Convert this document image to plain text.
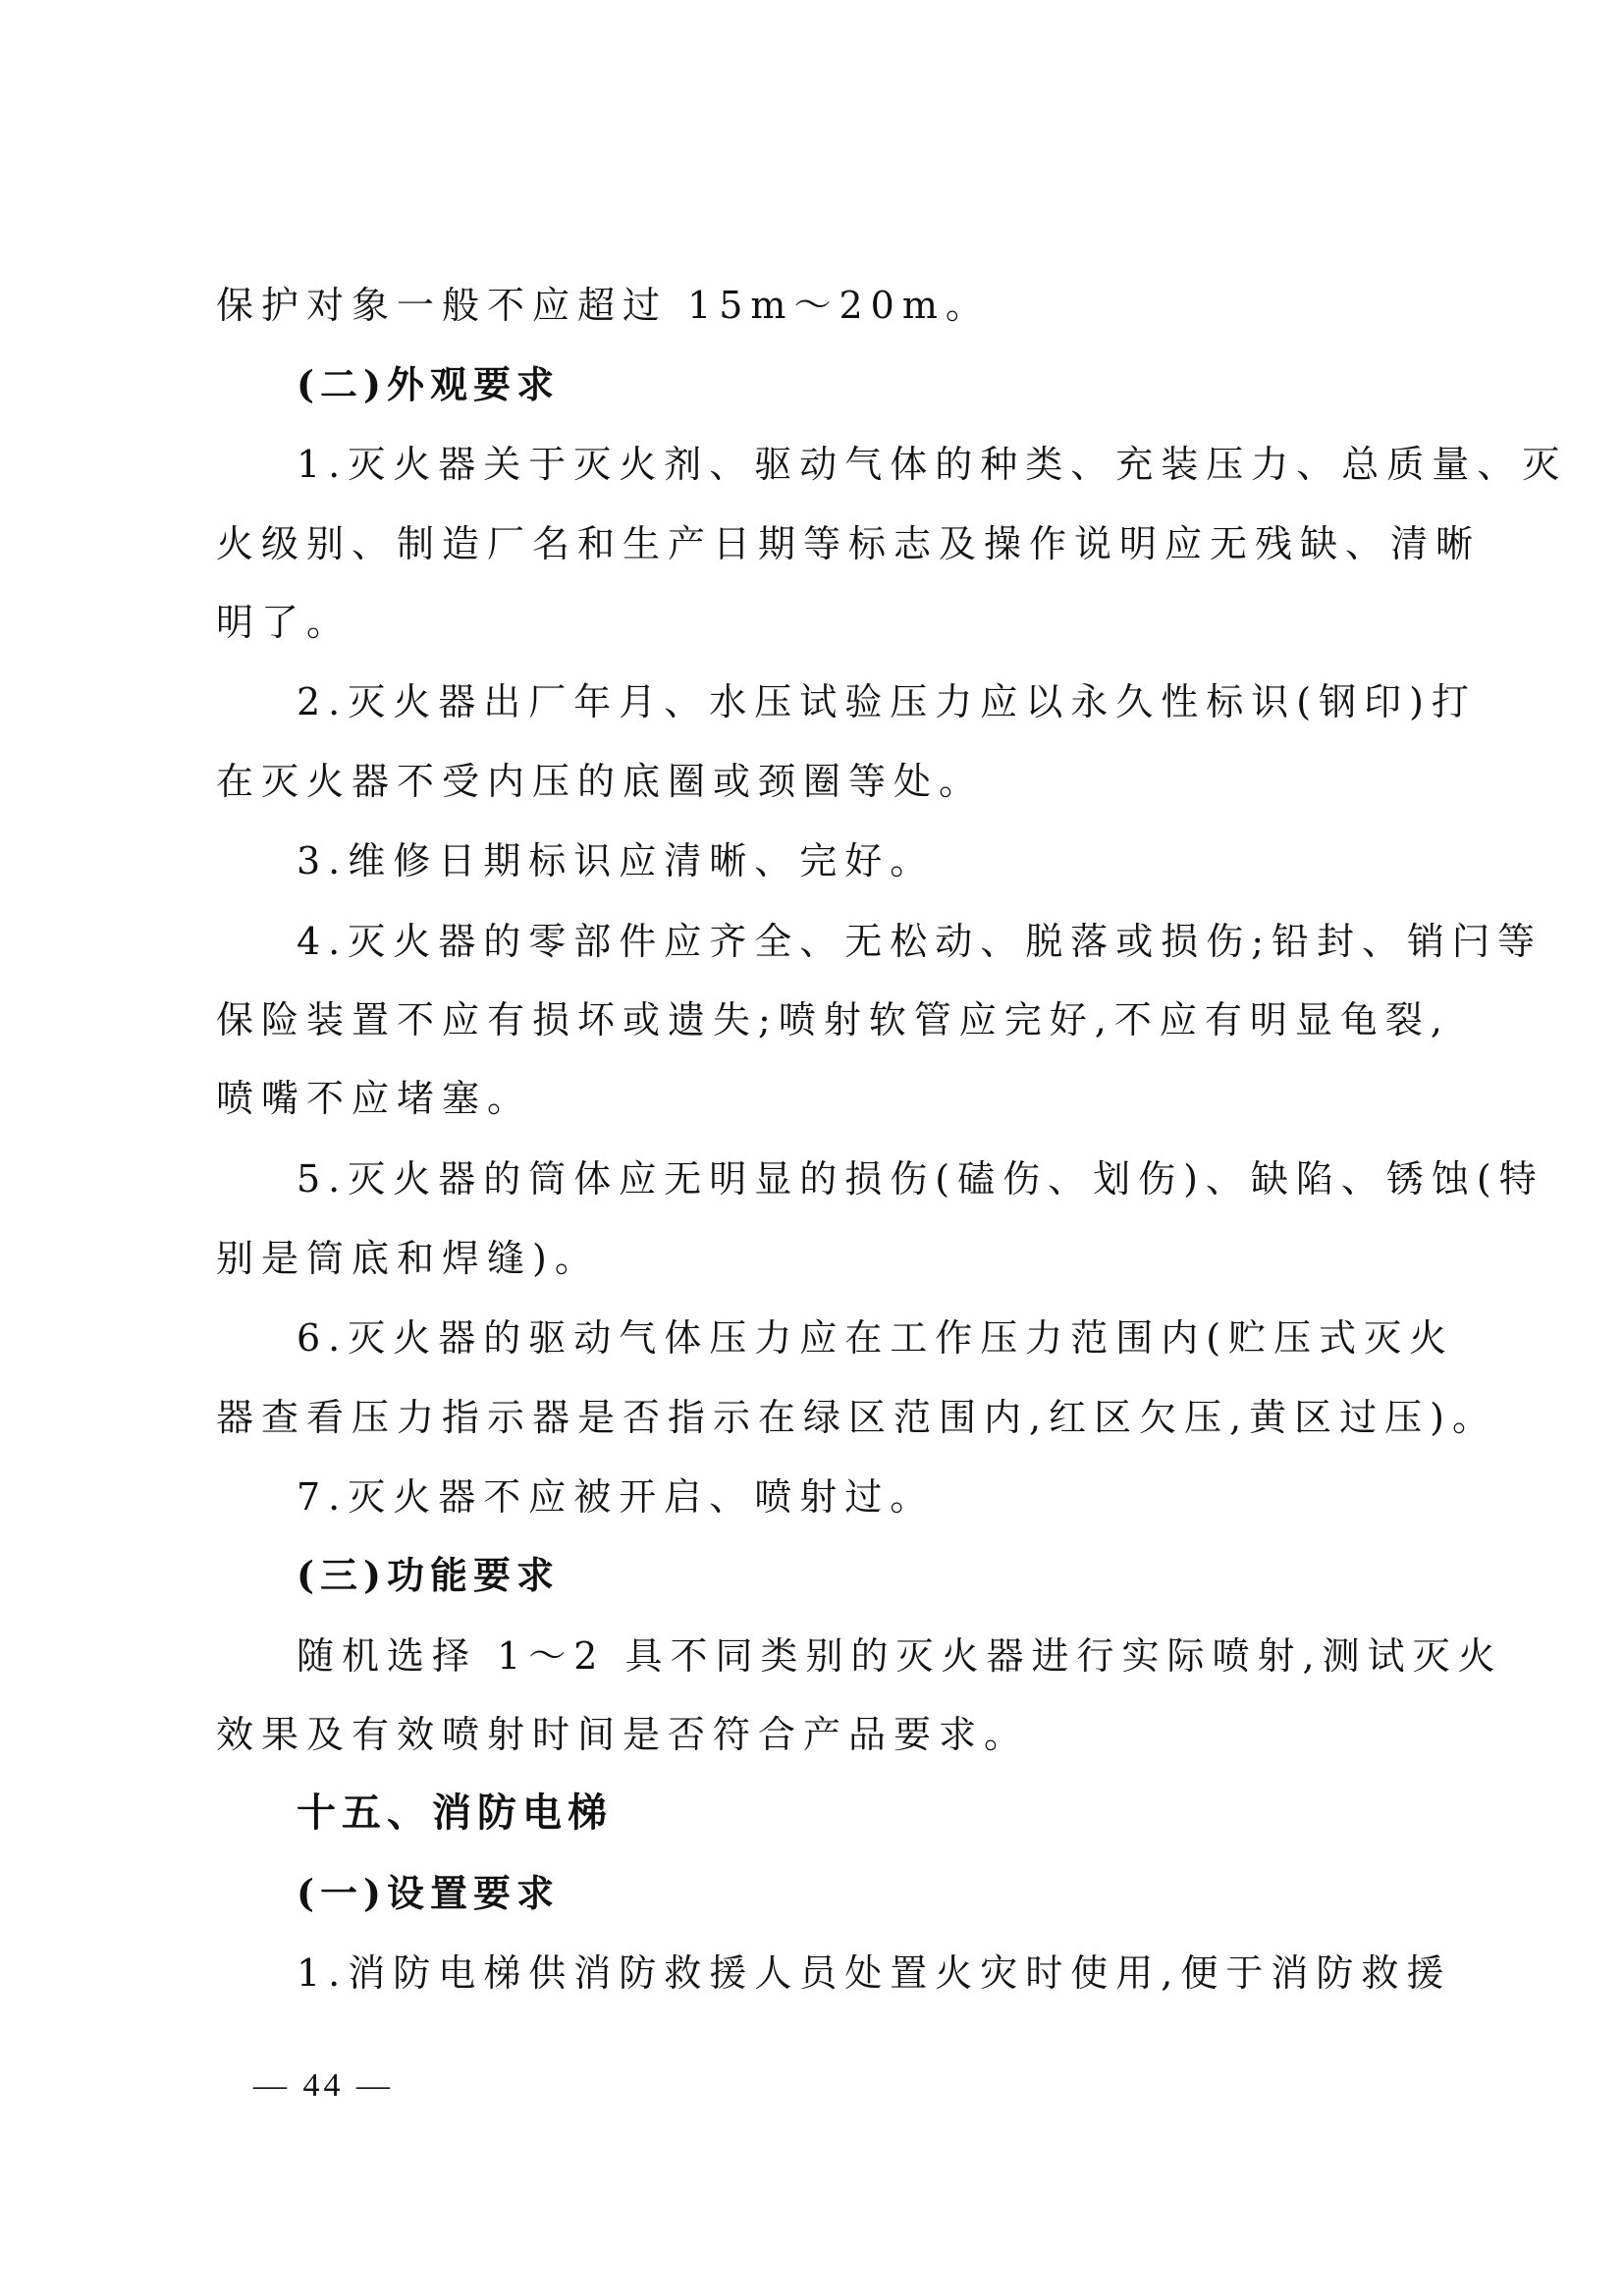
保护对象一般不应超过 15m～20m。
(二)外观要求
1.灭火器关于灭火剂、驱动气体的种类、充装压力、总质量、灭
火级别、制造厂名和生产日期等标志及操作说明应无残缺、清晰
明了。
2.灭火器出厂年月、水压试验压力应以永久性标识(钢印)打
在灭火器不受内压的底圈或颈圈等处。
3.维修日期标识应清晰、完好。
4.灭火器的零部件应齐全、无松动、脱落或损伤;铅封、销闩等
保险装置不应有损坏或遗失;喷射软管应完好,不应有明显龟裂,
喷嘴不应堵塞。
5.灭火器的筒体应无明显的损伤(磕伤、划伤)、缺陷、锈蚀(特
别是筒底和焊缝)。
6.灭火器的驱动气体压力应在工作压力范围内(贮压式灭火
器查看压力指示器是否指示在绿区范围内,红区欠压,黄区过压)。
7.灭火器不应被开启、喷射过。
(三)功能要求
随机选择 1～2 具不同类别的灭火器进行实际喷射,测试灭火
效果及有效喷射时间是否符合产品要求。
十五、消防电梯
(一)设置要求
1.消防电梯供消防救援人员处置火灾时使用,便于消防救援
— 44 —
